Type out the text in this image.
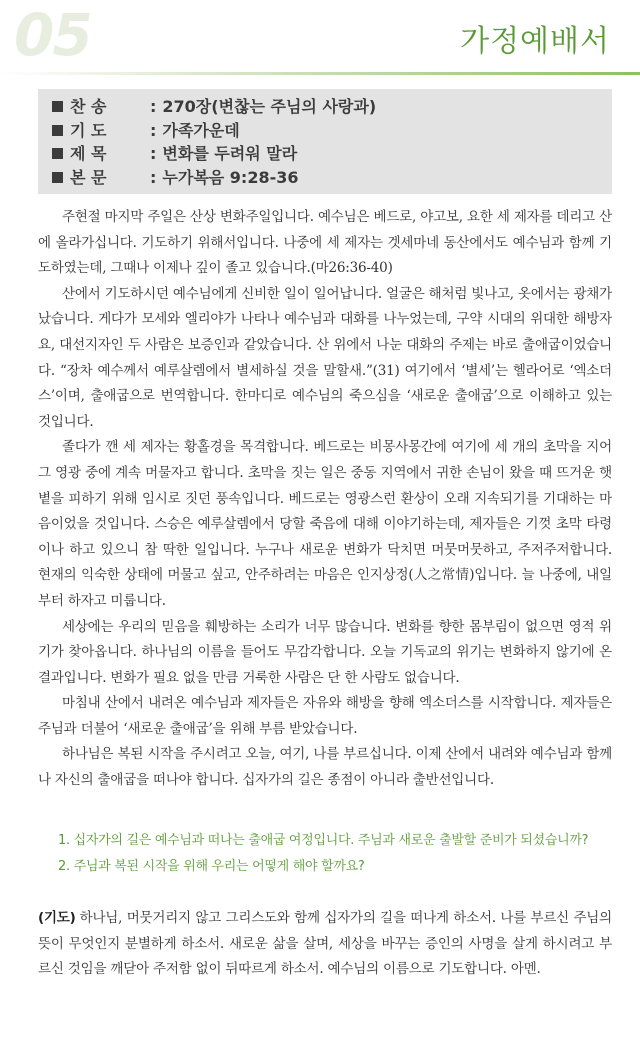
05	가정예배서
찬 송	: 270장(변찮는 주님의 사랑과)
기 도	: 가족가운데
제 목	: 변화를 두려워 말라
본 문	: 누가복음 9:28-36

주현절 마지막 주일은 산상 변화주일입니다. 예수님은 베드로, 야고보, 요한 세 제자를 데리고 산에 올라가십니다. 기도하기 위해서입니다. 나중에 세 제자는 겟세마네 동산에서도 예수님과 함께 기도하였는데, 그때나 이제나 깊이 졸고 있습니다.(마26:36-40)

산에서 기도하시던 예수님에게 신비한 일이 일어납니다. 얼굴은 해처럼 빛나고, 옷에서는 광채가 났습니다. 게다가 모세와 엘리야가 나타나 예수님과 대화를 나누었는데, 구약 시대의 위대한 해방자요, 대선지자인 두 사람은 보증인과 같았습니다. 산 위에서 나눈 대화의 주제는 바로 출애굽이었습니다. “장차 예수께서 예루살렘에서 별세하실 것을 말할새.”(31) 여기에서 ‘별세’는 헬라어로 ‘엑소더스’이며, 출애굽으로 번역합니다. 한마디로 예수님의 죽으심을 ‘새로운 출애굽’으로 이해하고 있는 것입니다.

졸다가 깬 세 제자는 황홀경을 목격합니다. 베드로는 비몽사몽간에 여기에 세 개의 초막을 지어 그 영광 중에 계속 머물자고 합니다. 초막을 짓는 일은 중동 지역에서 귀한 손님이 왔을 때 뜨거운 햇볕을 피하기 위해 임시로 짓던 풍속입니다. 베드로는 영광스런 환상이 오래 지속되기를 기대하는 마음이었을 것입니다. 스승은 예루살렘에서 당할 죽음에 대해 이야기하는데, 제자들은 기껏 초막 타령이나 하고 있으니 참 딱한 일입니다. 누구나 새로운 변화가 닥치면 머뭇머뭇하고, 주저주저합니다. 현재의 익숙한 상태에 머물고 싶고, 안주하려는 마음은 인지상정(人之常情)입니다. 늘 나중에, 내일부터 하자고 미룹니다.

세상에는 우리의 믿음을 훼방하는 소리가 너무 많습니다. 변화를 향한 몸부림이 없으면 영적 위기가 찾아옵니다. 하나님의 이름을 들어도 무감각합니다. 오늘 기독교의 위기는 변화하지 않기에 온 결과입니다. 변화가 필요 없을 만큼 거룩한 사람은 단 한 사람도 없습니다.

마침내 산에서 내려온 예수님과 제자들은 자유와 해방을 향해 엑소더스를 시작합니다. 제자들은 주님과 더불어 ‘새로운 출애굽’을 위해 부름 받았습니다.

하나님은 복된 시작을 주시려고 오늘, 여기, 나를 부르십니다. 이제 산에서 내려와 예수님과 함께 나 자신의 출애굽을 떠나야 합니다. 십자가의 길은 종점이 아니라 출반선입니다.

1. 십자가의 길은 예수님과 떠나는 출애굽 여정입니다. 주님과 새로운 출발할 준비가 되셨습니까?
2. 주님과 복된 시작을 위해 우리는 어떻게 해야 할까요?

(기도) 하나님, 머뭇거리지 않고 그리스도와 함께 십자가의 길을 떠나게 하소서. 나를 부르신 주님의 뜻이 무엇인지 분별하게 하소서. 새로운 삶을 살며, 세상을 바꾸는 증인의 사명을 살게 하시려고 부르신 것임을 깨닫아 주저함 없이 뒤따르게 하소서. 예수님의 이름으로 기도합니다. 아멘.
